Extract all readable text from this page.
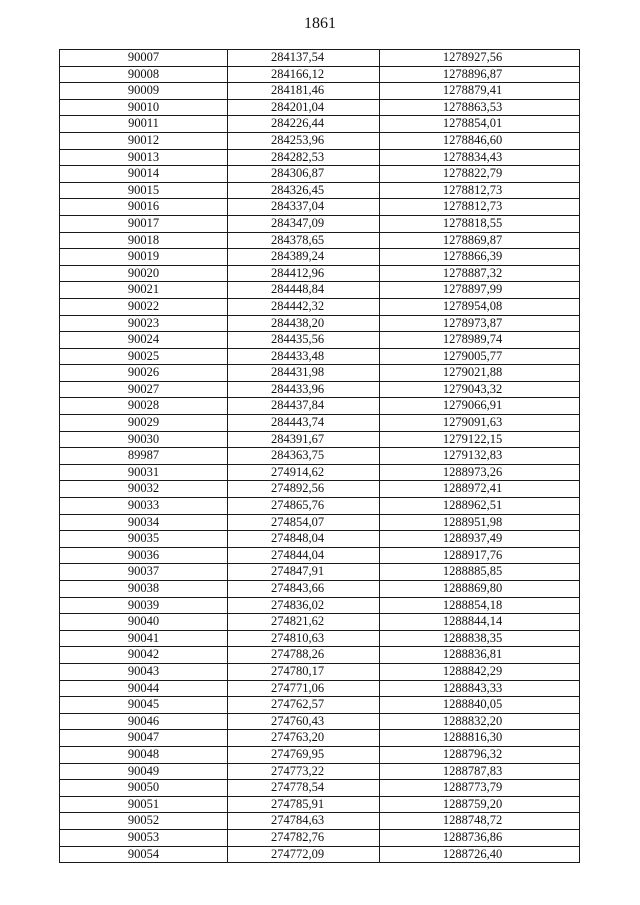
1861
90007	284137,54	1278927,56
90008	284166,12	1278896,87
90009	284181,46	1278879,41
90010	284201,04	1278863,53
90011	284226,44	1278854,01
90012	284253,96	1278846,60
90013	284282,53	1278834,43
90014	284306,87	1278822,79
90015	284326,45	1278812,73
90016	284337,04	1278812,73
90017	284347,09	1278818,55
90018	284378,65	1278869,87
90019	284389,24	1278866,39
90020	284412,96	1278887,32
90021	284448,84	1278897,99
90022	284442,32	1278954,08
90023	284438,20	1278973,87
90024	284435,56	1278989,74
90025	284433,48	1279005,77
90026	284431,98	1279021,88
90027	284433,96	1279043,32
90028	284437,84	1279066,91
90029	284443,74	1279091,63
90030	284391,67	1279122,15
89987	284363,75	1279132,83
90031	274914,62	1288973,26
90032	274892,56	1288972,41
90033	274865,76	1288962,51
90034	274854,07	1288951,98
90035	274848,04	1288937,49
90036	274844,04	1288917,76
90037	274847,91	1288885,85
90038	274843,66	1288869,80
90039	274836,02	1288854,18
90040	274821,62	1288844,14
90041	274810,63	1288838,35
90042	274788,26	1288836,81
90043	274780,17	1288842,29
90044	274771,06	1288843,33
90045	274762,57	1288840,05
90046	274760,43	1288832,20
90047	274763,20	1288816,30
90048	274769,95	1288796,32
90049	274773,22	1288787,83
90050	274778,54	1288773,79
90051	274785,91	1288759,20
90052	274784,63	1288748,72
90053	274782,76	1288736,86
90054	274772,09	1288726,40
